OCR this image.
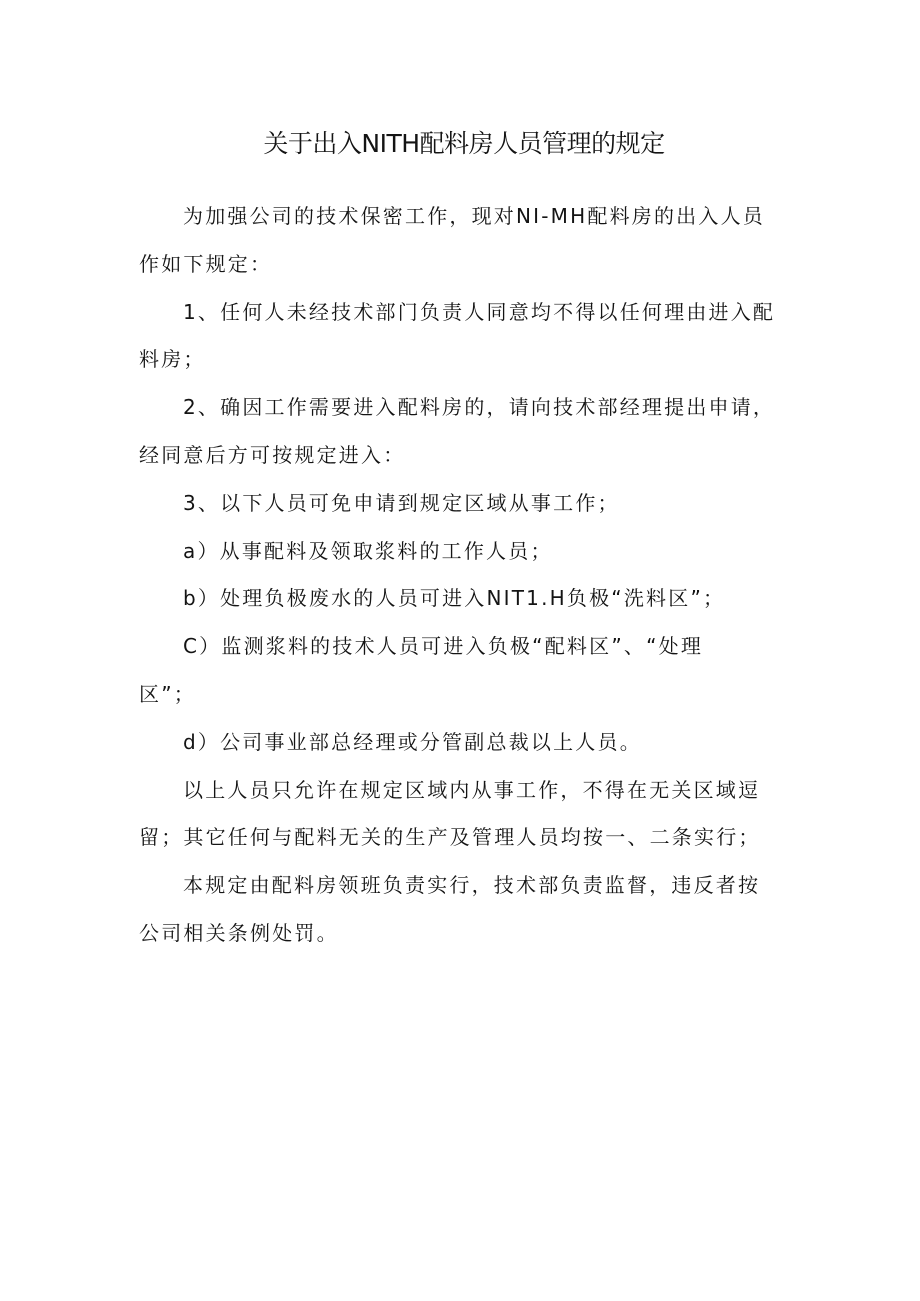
关于出入NITH配料房人员管理的规定

为加强公司的技术保密工作，现对NI-MH配料房的出入人员

作如下规定：

1、任何人未经技术部门负责人同意均不得以任何理由进入配

料房；

2、确因工作需要进入配料房的，请向技术部经理提出申请，

经同意后方可按规定进入：

3、以下人员可免申请到规定区域从事工作；

a）从事配料及领取浆料的工作人员；

b）处理负极废水的人员可进入NIT1.H负极“洗料区”；

C）监测浆料的技术人员可进入负极“配料区”、“处理

区”；

d）公司事业部总经理或分管副总裁以上人员。

以上人员只允许在规定区域内从事工作，不得在无关区域逗

留；其它任何与配料无关的生产及管理人员均按一、二条实行；

本规定由配料房领班负责实行，技术部负责监督，违反者按

公司相关条例处罚。
